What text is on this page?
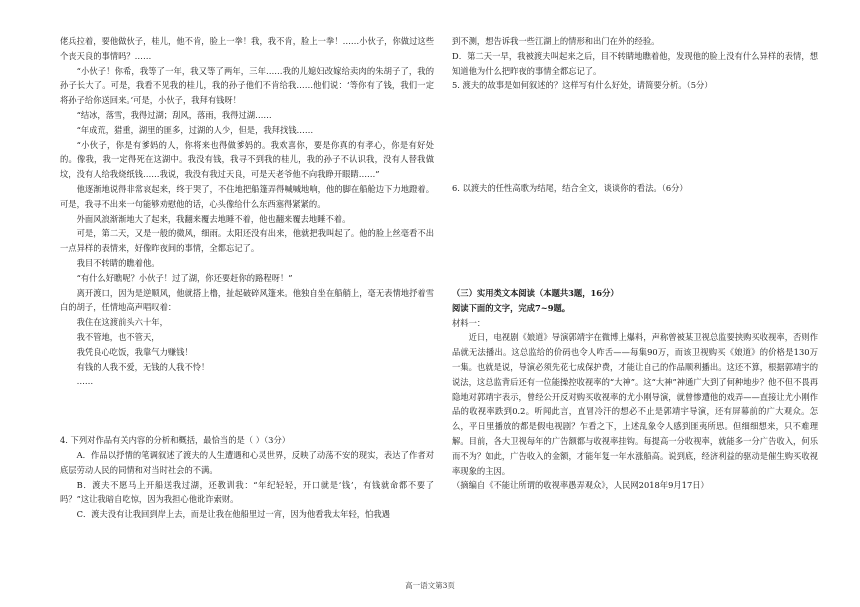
佬兵拉着，要他做伙子，桂儿，他不肯，脸上一拳！我，我不肯，脸上一拳！……小伙子，你做过这些个丧天良的事情吗？……

“小伙子！你希，我等了一年，我又等了两年，三年……我的儿媳妇改嫁给卖肉的朱胡子了，我的孙子长大了。可是，我看不见我的桂儿，我的孙子他们不肯给我……他们说：‘等你有了钱，我们一定将孙子给你送回来。’可是，小伙子，我拜有钱呀！

“结冰，落雪，我得过湖；刮风，落雨，我得过湖……

“年成荒，猎重，湖里的匪多，过湖的人少，但是，我拜找钱……

“小伙子，你是有爹妈的人，你将来也得做爹妈的。我欢喜你，要是你真的有孝心，你是有好处的。像我，我一定得死在这湖中。我没有钱，我寻不到我的桂儿，我的孙子不认识我，没有人替我做坟，没有人给我烧纸钱……我说，我没有我过天良，可是天老爷他不向我睁开眼睛……”

他逐渐地说得非常哀起来，终于哭了，不住地把船篷弄得喊喊地响，他的脚在船舱边下力地蹬着。可是，我寻不出来一句能够劝慰他的话，心头像给什么东西塞得紧紧的。

外面风浪渐渐地大了起来，我翻来覆去地睡不着，他也翻来覆去地睡不着。

可是，第二天，又是一般的微风，细雨。太阳还没有出来，他就把我叫起了。他的脸上丝毫看不出一点异样的表情来，好像昨夜间的事情，全都忘记了。

我目不转睛的瞧着他。

“有什么好瞧呢？小伙子！过了湖，你还要赶你的路程呀！”

离开渡口，因为是逆顺风，他就搭上橹，扯起破碎风篷来。他独自坐在船艄上，毫无表情地抒着雪白的胡子，任情地高声唱叹着：

我住在这渡前头六十年，

我不管地，也不管天，

我凭良心吃饭，我靠气力赚钱！

有钱的人我不爱，无钱的人我不怜！

……

4. 下列对作品有关内容的分析和概括，最恰当的是（ ）（3分）

A．作品以抒情的笔调叙述了渡夫的人生遭遇和心灵世界，反映了动荡不安的现实，表达了作者对底层劳动人民的同情和对当时社会的不满。

B．渡夫不愿马上开船送我过湖，还教训我：“年纪轻轻，开口就是‘钱’，有钱就命都不要了吗？”这让我暗自吃惊，因为我担心他讹诈索财。

C．渡夫没有让我回到岸上去，而是让我在他船里过一宵，因为他看我太年轻，怕我遇

到不测，想告诉我一些江湖上的情形和出门在外的经验。

D．第二天一早，我被渡夫叫起来之后，目不转睛地瞧着他，发现他的脸上没有什么异样的表情，想知道他为什么把昨夜的事情全都忘记了。

5. 渡夫的故事是如何叙述的？这样写有什么好处，请简要分析。（5分）

6. 以渡夫的任性高歌为结尾，结合全文，谈谈你的看法。（6分）

（三）实用类文本阅读（本题共3题，16分）

阅读下面的文字，完成7~9题。

材料一：

近日，电视剧《娘道》导演郭靖宇在微博上爆料，声称曾被某卫视总监要挟购买收视率，否则作品就无法播出。这总监给的价码也令人咋舌——每集90万，而该卫视购买《娘道》的价格是130万一集。也就是说，导演必须先花七成保护费，才能让自己的作品顺利播出。这还不算，根据郭靖宇的说法，这总监背后还有一位能操控收视率的“大神”。这“大神”神通广大到了何种地步？他不但不畏再隐地对郭靖宇表示，曾经公开反对购买收视率的尤小刚导演，就曾惨遭他的戏弄——直接让尤小刚作品的收视率跌到0.2。听闻此言，直冒冷汗的想必不止是郭靖宇导演，还有屏幕前的广大观众。怎么，平日里播放的都是假电视剧？乍看之下，上述乱象令人感到匪夷所思。但细细想来，只不难理解。目前，各大卫视每年的广告额都与收视率挂钩。每提高一分收视率，就能多一分广告收入，何乐而不为？如此，广告收入的金额，才能年复一年水涨船高。说到底，经济利益的驱动是催生购买收视率现象的主因。

（摘编自《不能让所谓的收视率愚弄观众》，人民网2018年9月17日）

高一语文第3页
